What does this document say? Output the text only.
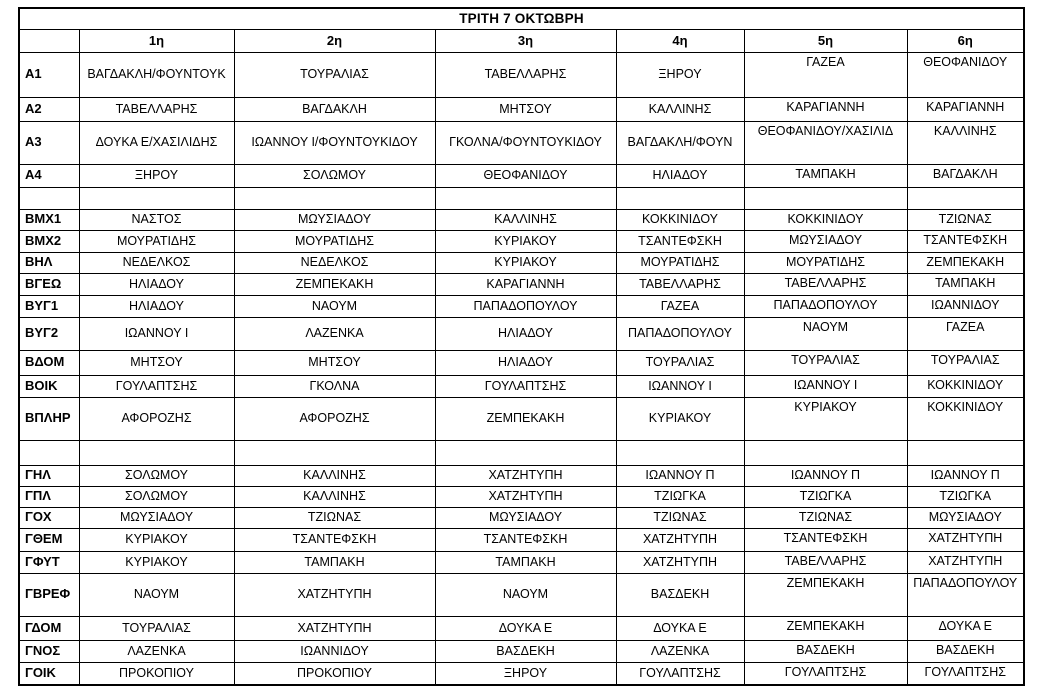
ΤΡΙΤΗ 7 ΟΚΤΩΒΡΗ						
	1η	2η	3η	4η	5η	6η
Α1	ΒΑΓΔΑΚΛΗ/ΦΟΥΝΤΟΥΚ	ΤΟΥΡΑΛΙΑΣ	ΤΑΒΕΛΛΑΡΗΣ	ΞΗΡΟΥ	ΓΑΖΕΑ	ΘΕΟΦΑΝΙΔΟΥ
Α2	ΤΑΒΕΛΛΑΡΗΣ	ΒΑΓΔΑΚΛΗ	ΜΗΤΣΟΥ	ΚΑΛΛΙΝΗΣ	ΚΑΡΑΓΙΑΝΝΗ	ΚΑΡΑΓΙΑΝΝΗ
Α3	ΔΟΥΚΑ Ε/ΧΑΣΙΛΙΔΗΣ	ΙΩΑΝΝΟΥ Ι/ΦΟΥΝΤΟΥΚΙΔΟΥ	ΓΚΟΛΝΑ/ΦΟΥΝΤΟΥΚΙΔΟΥ	ΒΑΓΔΑΚΛΗ/ΦΟΥΝ	ΘΕΟΦΑΝΙΔΟΥ/ΧΑΣΙΛΙΔ	ΚΑΛΛΙΝΗΣ
Α4	ΞΗΡΟΥ	ΣΟΛΩΜΟΥ	ΘΕΟΦΑΝΙΔΟΥ	ΗΛΙΑΔΟΥ	ΤΑΜΠΑΚΗ	ΒΑΓΔΑΚΛΗ

ΒΜΧ1	ΝΑΣΤΟΣ	ΜΩΥΣΙΑΔΟΥ	ΚΑΛΛΙΝΗΣ	ΚΟΚΚΙΝΙΔΟΥ	ΚΟΚΚΙΝΙΔΟΥ	ΤΖΙΩΝΑΣ
ΒΜΧ2	ΜΟΥΡΑΤΙΔΗΣ	ΜΟΥΡΑΤΙΔΗΣ	ΚΥΡΙΑΚΟΥ	ΤΣΑΝΤΕΦΣΚΗ	ΜΩΥΣΙΑΔΟΥ	ΤΣΑΝΤΕΦΣΚΗ
ΒΗΛ	ΝΕΔΕΛΚΟΣ	ΝΕΔΕΛΚΟΣ	ΚΥΡΙΑΚΟΥ	ΜΟΥΡΑΤΙΔΗΣ	ΜΟΥΡΑΤΙΔΗΣ	ΖΕΜΠΕΚΑΚΗ
ΒΓΕΩ	ΗΛΙΑΔΟΥ	ΖΕΜΠΕΚΑΚΗ	ΚΑΡΑΓΙΑΝΝΗ	ΤΑΒΕΛΛΑΡΗΣ	ΤΑΒΕΛΛΑΡΗΣ	ΤΑΜΠΑΚΗ
ΒΥΓ1	ΗΛΙΑΔΟΥ	ΝΑΟΥΜ	ΠΑΠΑΔΟΠΟΥΛΟΥ	ΓΑΖΕΑ	ΠΑΠΑΔΟΠΟΥΛΟΥ	ΙΩΑΝΝΙΔΟΥ
ΒΥΓ2	ΙΩΑΝΝΟΥ Ι	ΛΑΖΕΝΚΑ	ΗΛΙΑΔΟΥ	ΠΑΠΑΔΟΠΟΥΛΟΥ	ΝΑΟΥΜ	ΓΑΖΕΑ
ΒΔΟΜ	ΜΗΤΣΟΥ	ΜΗΤΣΟΥ	ΗΛΙΑΔΟΥ	ΤΟΥΡΑΛΙΑΣ	ΤΟΥΡΑΛΙΑΣ	ΤΟΥΡΑΛΙΑΣ
ΒΟΙΚ	ΓΟΥΛΑΠΤΣΗΣ	ΓΚΟΛΝΑ	ΓΟΥΛΑΠΤΣΗΣ	ΙΩΑΝΝΟΥ Ι	ΙΩΑΝΝΟΥ Ι	ΚΟΚΚΙΝΙΔΟΥ
ΒΠΛΗΡ	ΑΦΟΡΟΖΗΣ	ΑΦΟΡΟΖΗΣ	ΖΕΜΠΕΚΑΚΗ	ΚΥΡΙΑΚΟΥ	ΚΥΡΙΑΚΟΥ	ΚΟΚΚΙΝΙΔΟΥ

ΓΗΛ	ΣΟΛΩΜΟΥ	ΚΑΛΛΙΝΗΣ	ΧΑΤΖΗΤΥΠΗ	ΙΩΑΝΝΟΥ Π	ΙΩΑΝΝΟΥ Π	ΙΩΑΝΝΟΥ Π
ΓΠΛ	ΣΟΛΩΜΟΥ	ΚΑΛΛΙΝΗΣ	ΧΑΤΖΗΤΥΠΗ	ΤΖΙΩΓΚΑ	ΤΖΙΩΓΚΑ	ΤΖΙΩΓΚΑ
ΓΟΧ	ΜΩΥΣΙΑΔΟΥ	ΤΖΙΩΝΑΣ	ΜΩΥΣΙΑΔΟΥ	ΤΖΙΩΝΑΣ	ΤΖΙΩΝΑΣ	ΜΩΥΣΙΑΔΟΥ
ΓΘΕΜ	ΚΥΡΙΑΚΟΥ	ΤΣΑΝΤΕΦΣΚΗ	ΤΣΑΝΤΕΦΣΚΗ	ΧΑΤΖΗΤΥΠΗ	ΤΣΑΝΤΕΦΣΚΗ	ΧΑΤΖΗΤΥΠΗ
ΓΦΥΤ	ΚΥΡΙΑΚΟΥ	ΤΑΜΠΑΚΗ	ΤΑΜΠΑΚΗ	ΧΑΤΖΗΤΥΠΗ	ΤΑΒΕΛΛΑΡΗΣ	ΧΑΤΖΗΤΥΠΗ
ΓΒΡΕΦ	ΝΑΟΥΜ	ΧΑΤΖΗΤΥΠΗ	ΝΑΟΥΜ	ΒΑΣΔΕΚΗ	ΖΕΜΠΕΚΑΚΗ	ΠΑΠΑΔΟΠΟΥΛΟΥ
ΓΔΟΜ	ΤΟΥΡΑΛΙΑΣ	ΧΑΤΖΗΤΥΠΗ	ΔΟΥΚΑ Ε	ΔΟΥΚΑ Ε	ΖΕΜΠΕΚΑΚΗ	ΔΟΥΚΑ Ε
ΓΝΟΣ	ΛΑΖΕΝΚΑ	ΙΩΑΝΝΙΔΟΥ	ΒΑΣΔΕΚΗ	ΛΑΖΕΝΚΑ	ΒΑΣΔΕΚΗ	ΒΑΣΔΕΚΗ
ΓΟΙΚ	ΠΡΟΚΟΠΙΟΥ	ΠΡΟΚΟΠΙΟΥ	ΞΗΡΟΥ	ΓΟΥΛΑΠΤΣΗΣ	ΓΟΥΛΑΠΤΣΗΣ	ΓΟΥΛΑΠΤΣΗΣ
